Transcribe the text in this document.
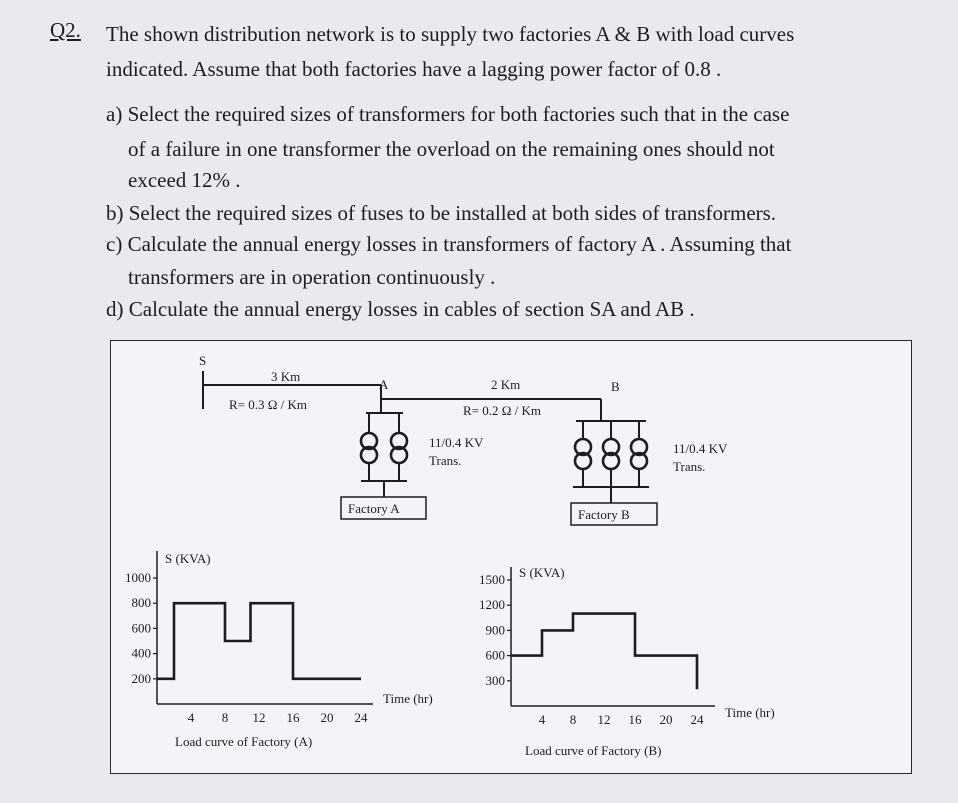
Q2. The shown distribution network is to supply two factories A & B with load curves
indicated. Assume that both factories have a lagging power factor of 0.8 .
a) Select the required sizes of transformers for both factories such that in the case
of a failure in one transformer the overload on the remaining ones should not
exceed 12% .
b) Select the required sizes of fuses to be installed at both sides of transformers.
c) Calculate the annual energy losses in transformers of factory A . Assuming that
transformers are in operation continuously .
d) Calculate the annual energy losses in cables of section SA and AB .
S
3 Km
R= 0.3 Ω / Km
A	2 Km
R= 0.2 Ω / Km
B
11/0.4 KV
Trans.
11/0.4 KV
Trans.
Factory A	Factory B
S (KVA)
Time (hr)
Load curve of Factory (A)
200
400
600
800
1000
4 8 12 16 20 24
S (KVA)
Time (hr)
Load curve of Factory (B)
300
600
900
1200
1500
4 8 12 16 20 24
